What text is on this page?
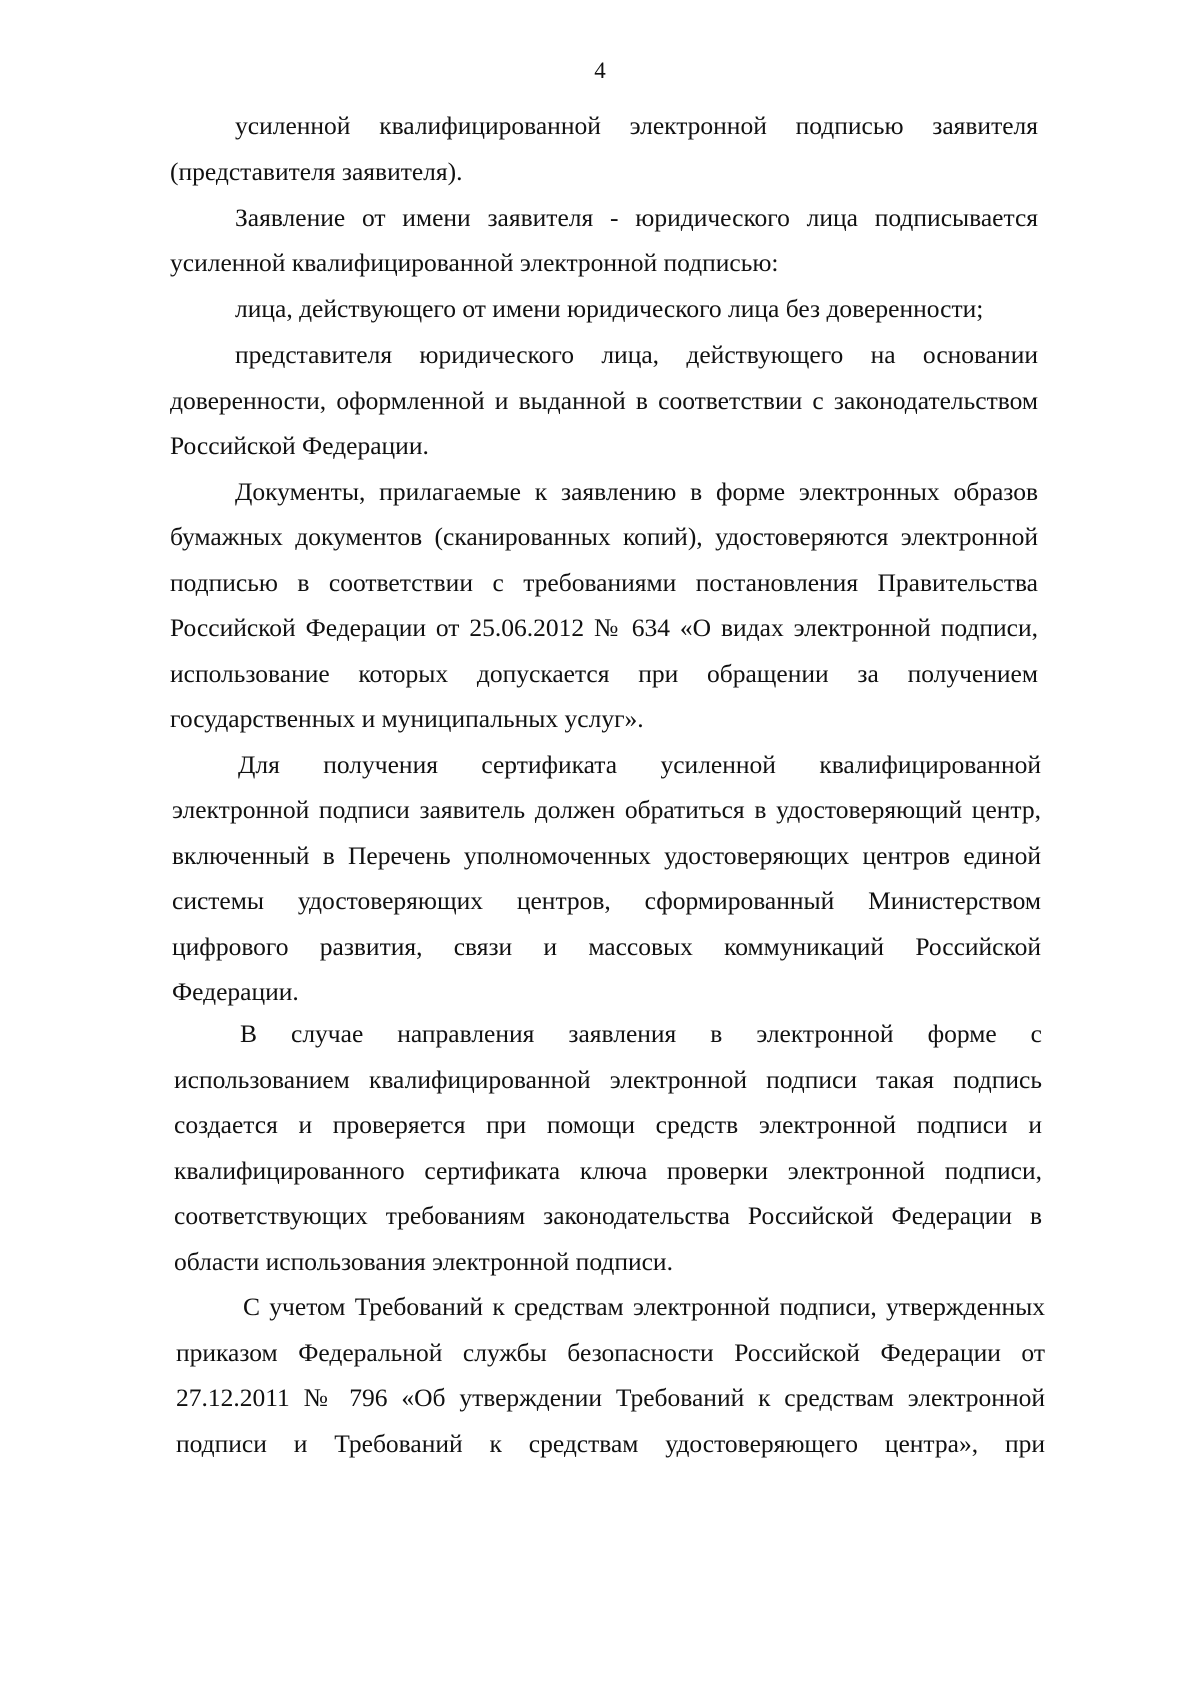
4
усиленной квалифицированной электронной подписью заявителя
(представителя заявителя).
Заявление от имени заявителя - юридического лица подписывается
усиленной квалифицированной электронной подписью:
лица, действующего от имени юридического лица без доверенности;
представителя юридического лица, действующего на основании
доверенности, оформленной и выданной в соответствии с законодательством
Российской Федерации.
Документы, прилагаемые к заявлению в форме электронных образов
бумажных документов (сканированных копий), удостоверяются электронной
подписью в соответствии с требованиями постановления Правительства
Российской Федерации от 25.06.2012 № 634 «О видах электронной подписи,
использование которых допускается при обращении за получением
государственных и муниципальных услуг».
Для получения сертификата усиленной квалифицированной
электронной подписи заявитель должен обратиться в удостоверяющий центр,
включенный в Перечень уполномоченных удостоверяющих центров единой
системы удостоверяющих центров, сформированный Министерством
цифрового развития, связи и массовых коммуникаций Российской
Федерации.
В случае направления заявления в электронной форме с
использованием квалифицированной электронной подписи такая подпись
создается и проверяется при помощи средств электронной подписи и
квалифицированного сертификата ключа проверки электронной подписи,
соответствующих требованиям законодательства Российской Федерации в
области использования электронной подписи.
С учетом Требований к средствам электронной подписи, утвержденных
приказом Федеральной службы безопасности Российской Федерации от
27.12.2011 № 796 «Об утверждении Требований к средствам электронной
подписи и Требований к средствам удостоверяющего центра», при
